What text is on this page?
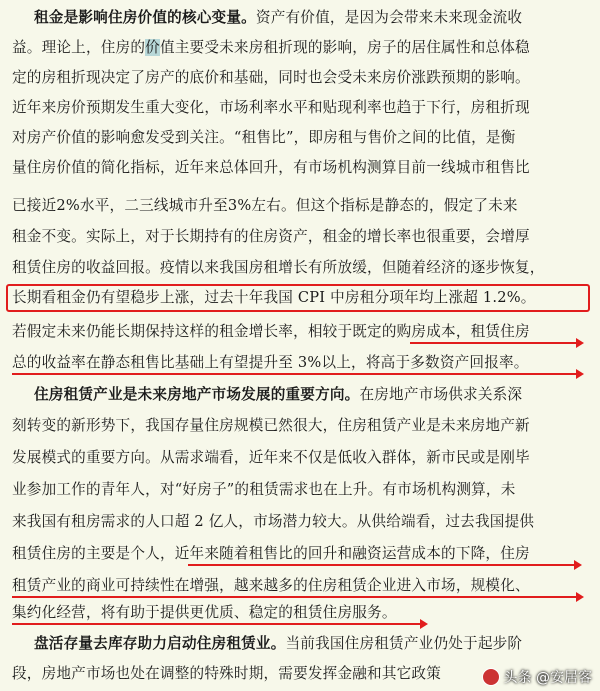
租金是影响住房价值的核心变量。资产有价值，是因为会带来未来现金流收
益。理论上，住房的价值主要受未来房租折现的影响，房子的居住属性和总体稳
定的房租折现决定了房产的底价和基础，同时也会受未来房价涨跌预期的影响。
近年来房价预期发生重大变化，市场利率水平和贴现利率也趋于下行，房租折现
对房产价值的影响愈发受到关注。“租售比”，即房租与售价之间的比值，是衡
量住房价值的简化指标，近年来总体回升，有市场机构测算目前一线城市租售比
已接近2%水平，二三线城市升至3%左右。但这个指标是静态的，假定了未来
租金不变。实际上，对于长期持有的住房资产，租金的增长率也很重要，会增厚
租赁住房的收益回报。疫情以来我国房租增长有所放缓，但随着经济的逐步恢复，
长期看租金仍有望稳步上涨，过去十年我国 CPI 中房租分项年均上涨超 1.2%。
若假定未来仍能长期保持这样的租金增长率，相较于既定的购房成本，租赁住房
总的收益率在静态租售比基础上有望提升至 3%以上，将高于多数资产回报率。
住房租赁产业是未来房地产市场发展的重要方向。在房地产市场供求关系深
刻转变的新形势下，我国存量住房规模已然很大，住房租赁产业是未来房地产新
发展模式的重要方向。从需求端看，近年来不仅是低收入群体，新市民或是刚毕
业参加工作的青年人，对“好房子”的租赁需求也在上升。有市场机构测算，未
来我国有租房需求的人口超 2 亿人，市场潜力较大。从供给端看，过去我国提供
租赁住房的主要是个人，近年来随着租售比的回升和融资运营成本的下降，住房
租赁产业的商业可持续性在增强，越来越多的住房租赁企业进入市场，规模化、
集约化经营，将有助于提供更优质、稳定的租赁住房服务。
盘活存量去库存助力启动住房租赁业。当前我国住房租赁产业仍处于起步阶
段，房地产市场也处在调整的特殊时期，需要发挥金融和其它政策	头条 @安居客
